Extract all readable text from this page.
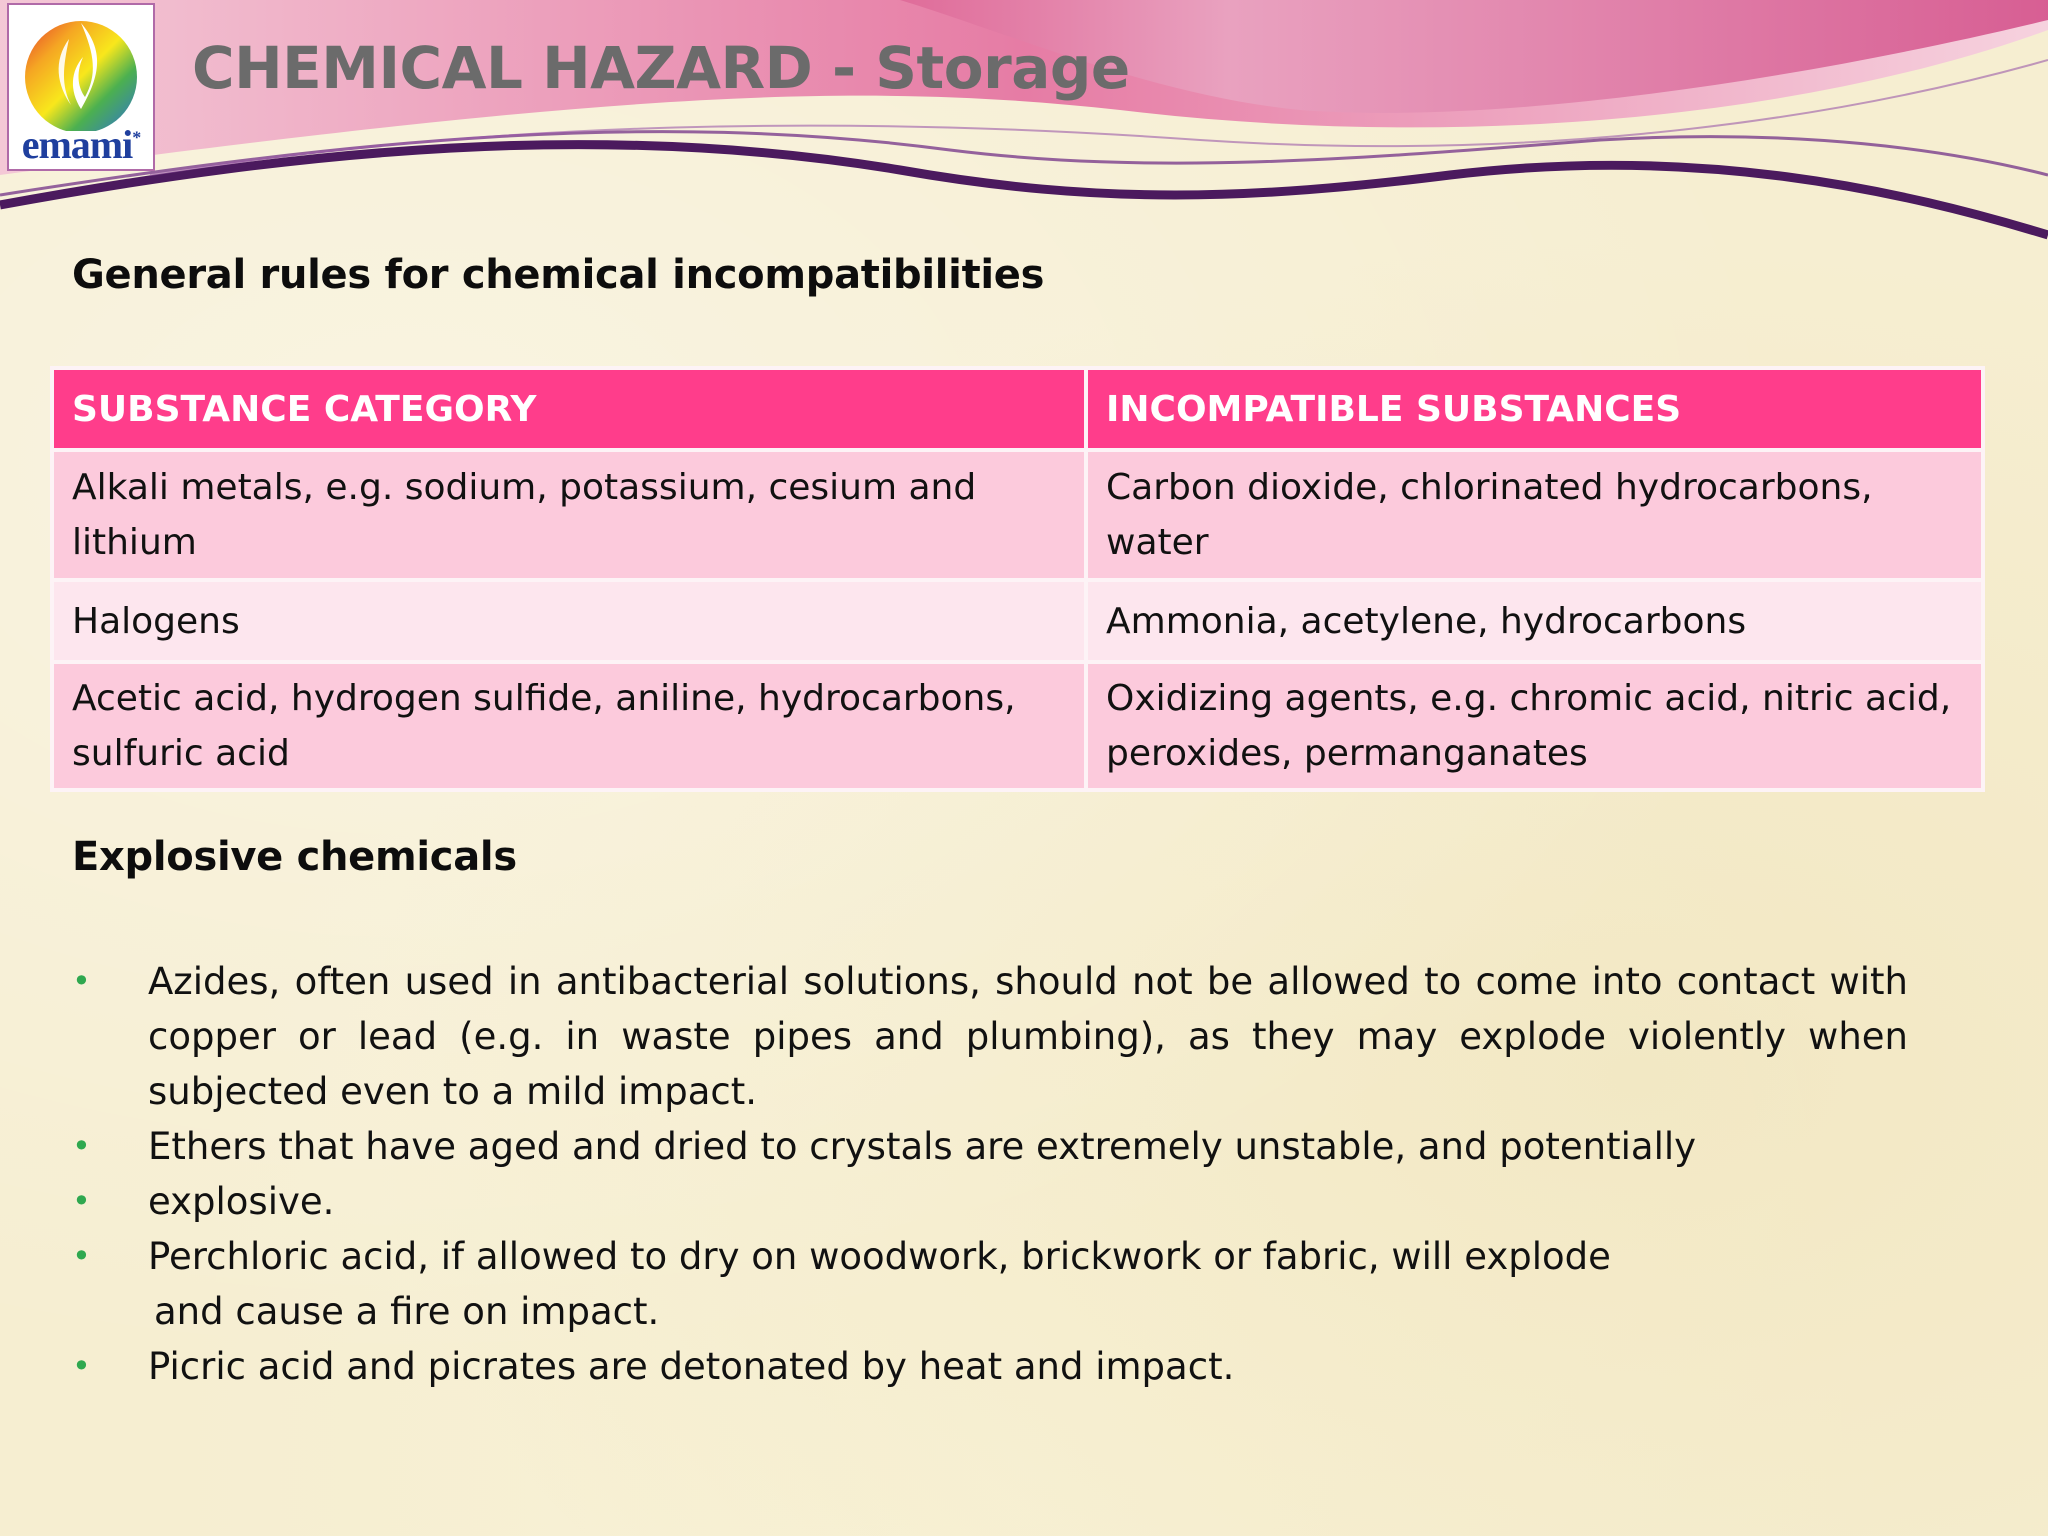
emami*
CHEMICAL HAZARD - Storage
General rules for chemical incompatibilities
SUBSTANCE CATEGORY	INCOMPATIBLE SUBSTANCES
Alkali metals, e.g. sodium, potassium, cesium and lithium	Carbon dioxide, chlorinated hydrocarbons, water
Halogens	Ammonia, acetylene, hydrocarbons
Acetic acid, hydrogen sulfide, aniline, hydrocarbons, sulfuric acid	Oxidizing agents, e.g. chromic acid, nitric acid, peroxides, permanganates
Explosive chemicals
•	Azides, often used in antibacterial solutions, should not be allowed to come into contact with copper or lead (e.g. in waste pipes and plumbing), as they may explode violently when subjected even to a mild impact.
•	Ethers that have aged and dried to crystals are extremely unstable, and potentially
•	explosive.
•	Perchloric acid, if allowed to dry on woodwork, brickwork or fabric, will explode
and cause a fire on impact.
•	Picric acid and picrates are detonated by heat and impact.
